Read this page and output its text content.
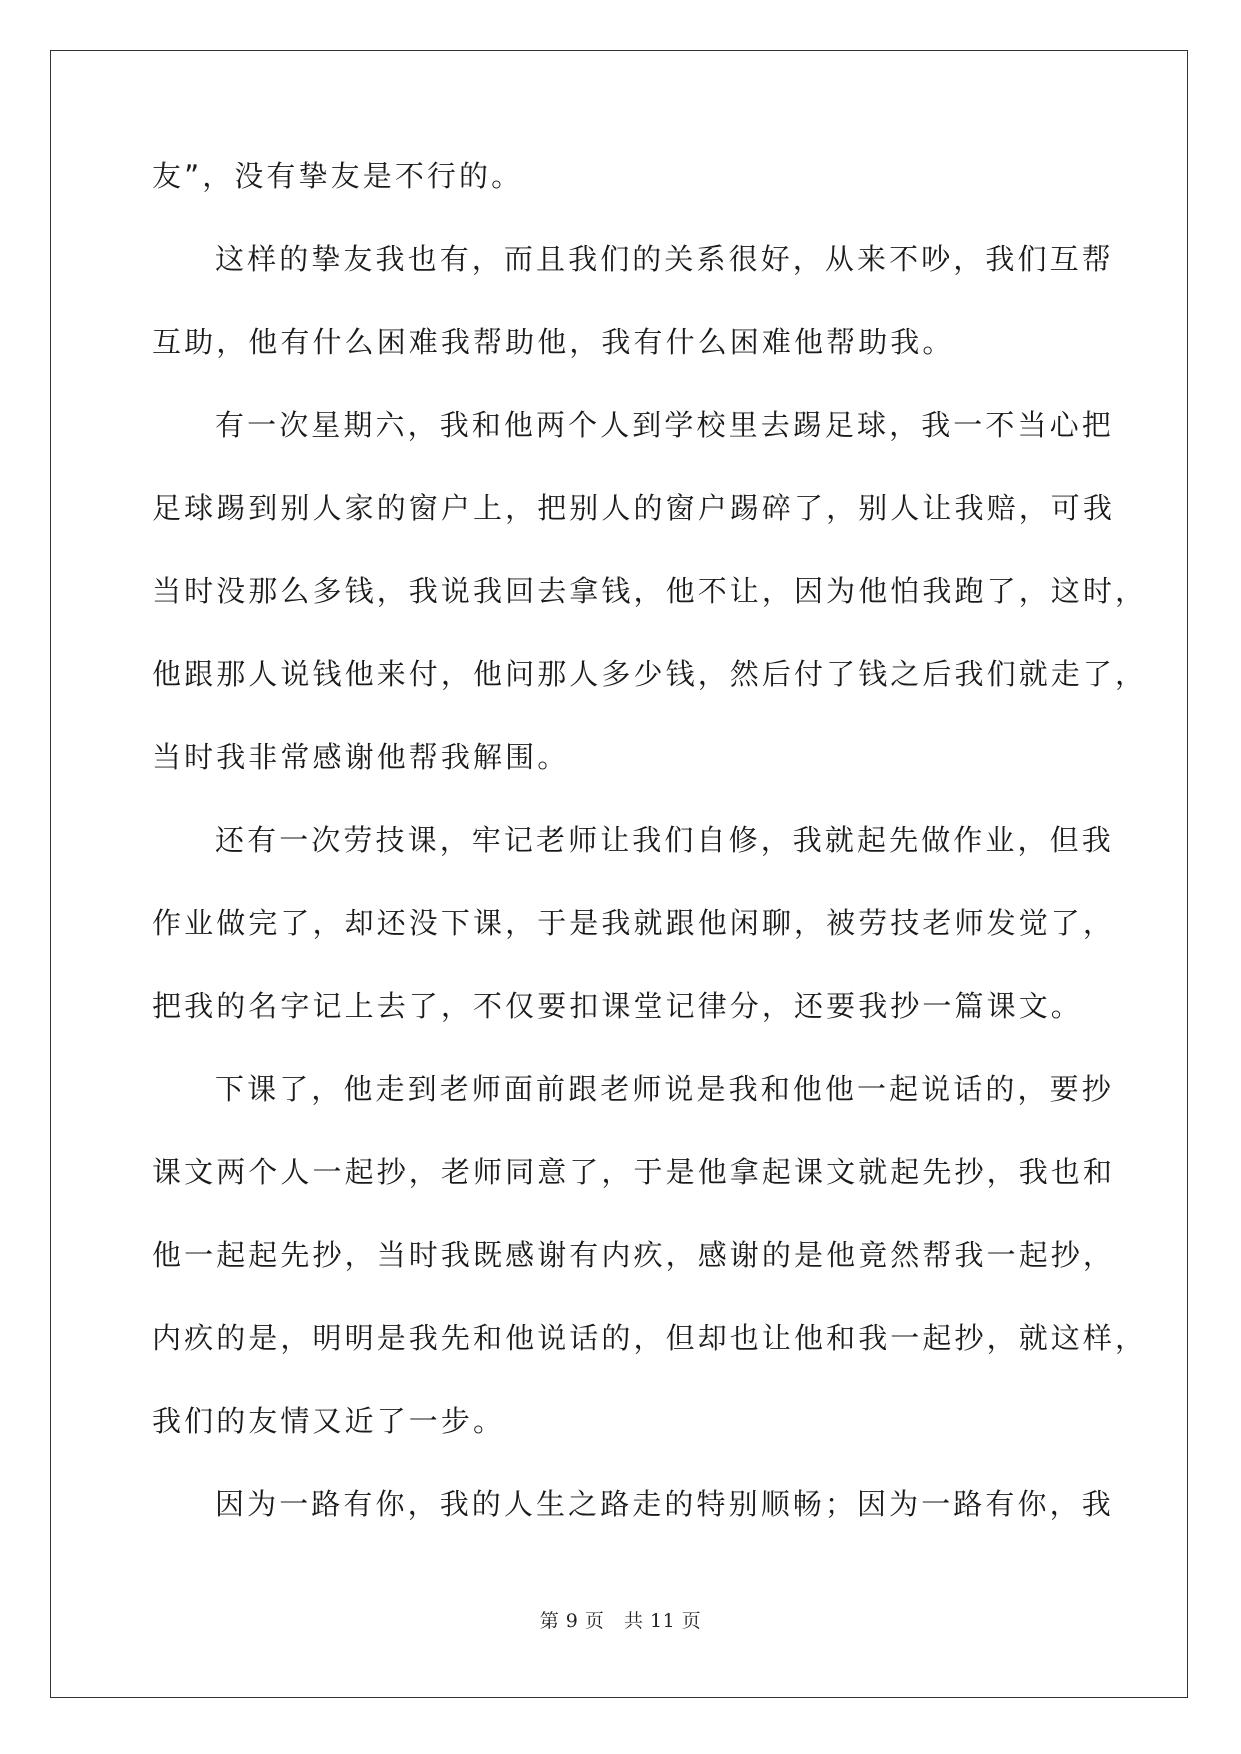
友”，没有挚友是不行的。
这样的挚友我也有，而且我们的关系很好，从来不吵，我们互帮
互助，他有什么困难我帮助他，我有什么困难他帮助我。
有一次星期六，我和他两个人到学校里去踢足球，我一不当心把
足球踢到别人家的窗户上，把别人的窗户踢碎了，别人让我赔，可我
当时没那么多钱，我说我回去拿钱，他不让，因为他怕我跑了，这时，
他跟那人说钱他来付，他问那人多少钱，然后付了钱之后我们就走了，
当时我非常感谢他帮我解围。
还有一次劳技课，牢记老师让我们自修，我就起先做作业，但我
作业做完了，却还没下课，于是我就跟他闲聊，被劳技老师发觉了，
把我的名字记上去了，不仅要扣课堂记律分，还要我抄一篇课文。
下课了，他走到老师面前跟老师说是我和他他一起说话的，要抄
课文两个人一起抄，老师同意了，于是他拿起课文就起先抄，我也和
他一起起先抄，当时我既感谢有内疚，感谢的是他竟然帮我一起抄，
内疚的是，明明是我先和他说话的，但却也让他和我一起抄，就这样，
我们的友情又近了一步。
因为一路有你，我的人生之路走的特别顺畅；因为一路有你，我
第 9 页 共 11 页
